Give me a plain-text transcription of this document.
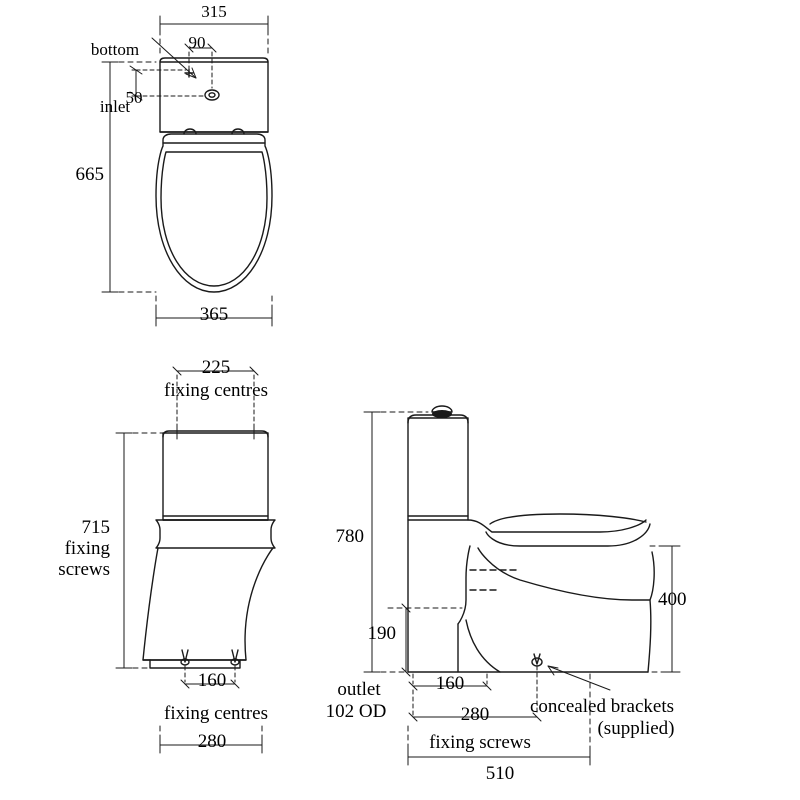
bottom

inlet

315
90
50
665
365
225
fixing centres
715
fixing
screws
160
fixing centres
280
780
190
400
outlet
102 OD
160
280
fixing screws
concealed brackets
(supplied)
510
